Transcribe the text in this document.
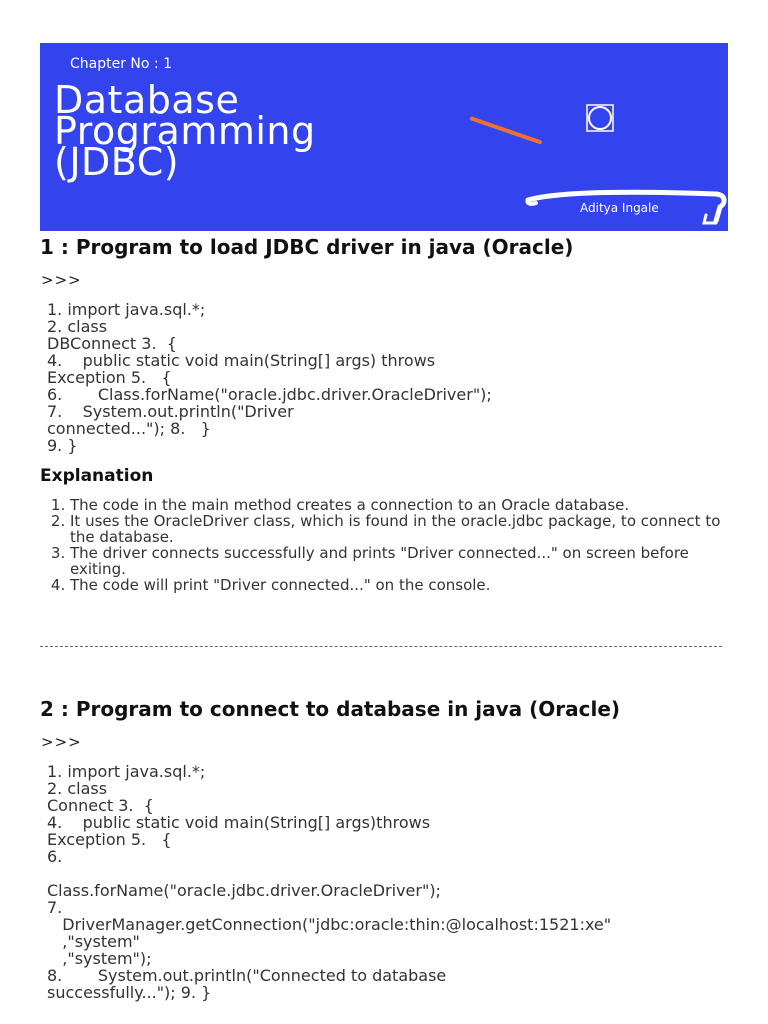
Chapter No : 1
Database
Programming
(JDBC)
Aditya Ingale
1 : Program to load JDBC driver in java (Oracle)
>>>
1. import java.sql.*;
2. class
DBConnect 3.  {
4.    public static void main(String[] args) throws
Exception 5.   {
6.       Class.forName("oracle.jdbc.driver.OracleDriver");
7.    System.out.println("Driver
connected..."); 8.   }
9. }
Explanation
1. The code in the main method creates a connection to an Oracle database.
2. It uses the OracleDriver class, which is found in the oracle.jdbc package, to connect to the database.
3. The driver connects successfully and prints "Driver connected..." on screen before exiting.
4. The code will print "Driver connected..." on the console.
2 : Program to connect to database in java (Oracle)
>>>
1. import java.sql.*;
2. class
Connect 3.  {
4.    public static void main(String[] args)throws
Exception 5.   {
6.

Class.forName("oracle.jdbc.driver.OracleDriver");
7.
DriverManager.getConnection("jdbc:oracle:thin:@localhost:1521:xe"
,"system"
,"system");
8.       System.out.println("Connected to database
successfully..."); 9. }
